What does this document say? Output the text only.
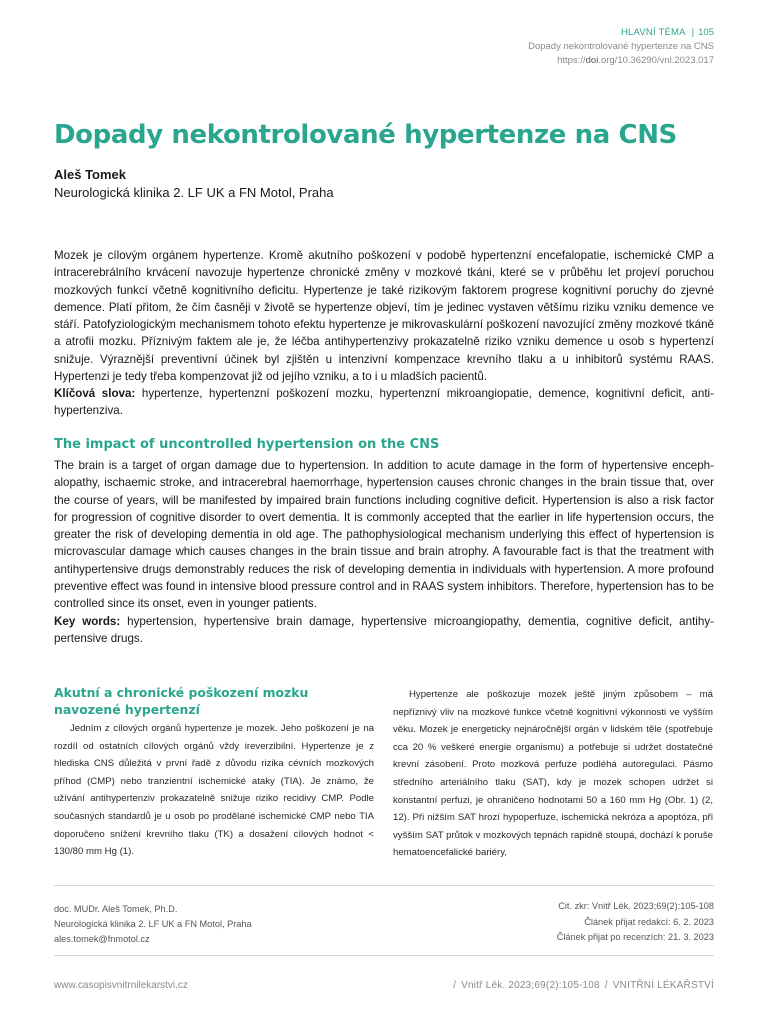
HLAVNÍ TÉMA | 105
Dopady nekontrolované hypertenze na CNS
https://doi.org/10.36290/vnl.2023.017
Dopady nekontrolované hypertenze na CNS
Aleš Tomek
Neurologická klinika 2. LF UK a FN Motol, Praha

Mozek je cílovým orgánem hypertenze. Kromě akutního poškození v podobě hypertenzní encefalopatie, ischemické CMP a intracerebrálního krvácení navozuje hypertenze chronické změny v mozkové tkáni, které se v průběhu let projeví poruchou mozkových funkcí včetně kognitivního deficitu. Hypertenze je také rizikovým faktorem progrese kognitivní poruchy do zjevné demence. Platí přitom, že čím časněji v životě se hypertenze objeví, tím je jedinec vystaven většímu riziku vzniku demence ve stáří. Patofyziologickým mechanismem tohoto efektu hypertenze je mikrovaskulární poškození navozující změny mozkové tkáně a atrofii mozku. Příznivým faktem ale je, že léčba antihypertenzivy prokazatelně riziko vzniku demence u osob s hypertenzí snižuje. Výraznější preventivní účinek byl zjištěn u intenzivní kompenzace krevního tlaku a u inhibitorů systému RAAS. Hypertenzi je tedy třeba kompenzovat již od jejího vzniku, a to i u mladších pacientů.

Klíčová slova: hypertenze, hypertenzní poškození mozku, hypertenzní mikroangiopatie, demence, kognitivní deficit, antihypertenziva.

The impact of uncontrolled hypertension on the CNS

The brain is a target of organ damage due to hypertension. In addition to acute damage in the form of hypertensive encephalopathy, ischaemic stroke, and intracerebral haemorrhage, hypertension causes chronic changes in the brain tissue that, over the course of years, will be manifested by impaired brain functions including cognitive deficit. Hypertension is also a risk factor for progression of cognitive disorder to overt dementia. It is commonly accepted that the earlier in life hypertension occurs, the greater the risk of developing dementia in old age. The pathophysiological mechanism underlying this effect of hypertension is microvascular damage which causes changes in the brain tissue and brain atrophy. A favourable fact is that the treatment with antihypertensive drugs demonstrably reduces the risk of developing dementia in individuals with hypertension. A more profound preventive effect was found in intensive blood pressure control and in RAAS system inhibitors. Therefore, hypertension has to be controlled since its onset, even in younger patients.

Key words: hypertension, hypertensive brain damage, hypertensive microangiopathy, dementia, cognitive deficit, antihypertensive drugs.

Akutní a chronické poškození mozku navozené hypertenzí

Jedním z cílových orgánů hypertenze je mozek. Jeho poškození je na rozdíl od ostatních cílových orgánů vždy ireverzibilní. Hypertenze je z hlediska CNS důležitá v první řadě z důvodu rizika cévních mozkových příhod (CMP) nebo tranzientní ischemické ataky (TIA). Je známo, že užívání antihypertenziv prokazatelně snižuje riziko recidivy CMP. Podle současných standardů je u osob po prodělané ischemické CMP nebo TIA doporučeno snížení krevního tlaku (TK) a dosažení cílových hodnot < 130/80 mm Hg (1).

Hypertenze ale poškozuje mozek ještě jiným způsobem – má nepříznivý vliv na mozkové funkce včetně kognitivní výkonnosti ve vyšším věku. Mozek je energeticky nejnáročnější orgán v lidském těle (spotřebuje cca 20 % veškeré energie organismu) a potřebuje si udržet dostatečné krevní zásobení. Proto mozková perfuze podléhá autoregulaci. Pásmo středního arteriálního tlaku (SAT), kdy je mozek schopen udržet si konstantní perfuzi, je ohraničeno hodnotami 50 a 160 mm Hg (Obr. 1) (2, 12). Při nižším SAT hrozí hypoperfuze, ischemická nekróza a apoptóza, při vyšším SAT průtok v mozkových tepnách rapidně stoupá, dochází k poruše hematoencefalické bariéry,

doc. MUDr. Aleš Tomek, Ph.D.
Neurologická klinika 2. LF UK a FN Motol, Praha
ales.tomek@fnmotol.cz
Cit. zkr: Vnitř Lék. 2023;69(2):105-108
Článek přijat redakcí: 6. 2. 2023
Článek přijat po recenzích: 21. 3. 2023
www.casopisvnitrnilekarstvi.cz	/ Vnitř Lék. 2023;69(2):105-108 / VNITŘNÍ LÉKAŘSTVÍ
